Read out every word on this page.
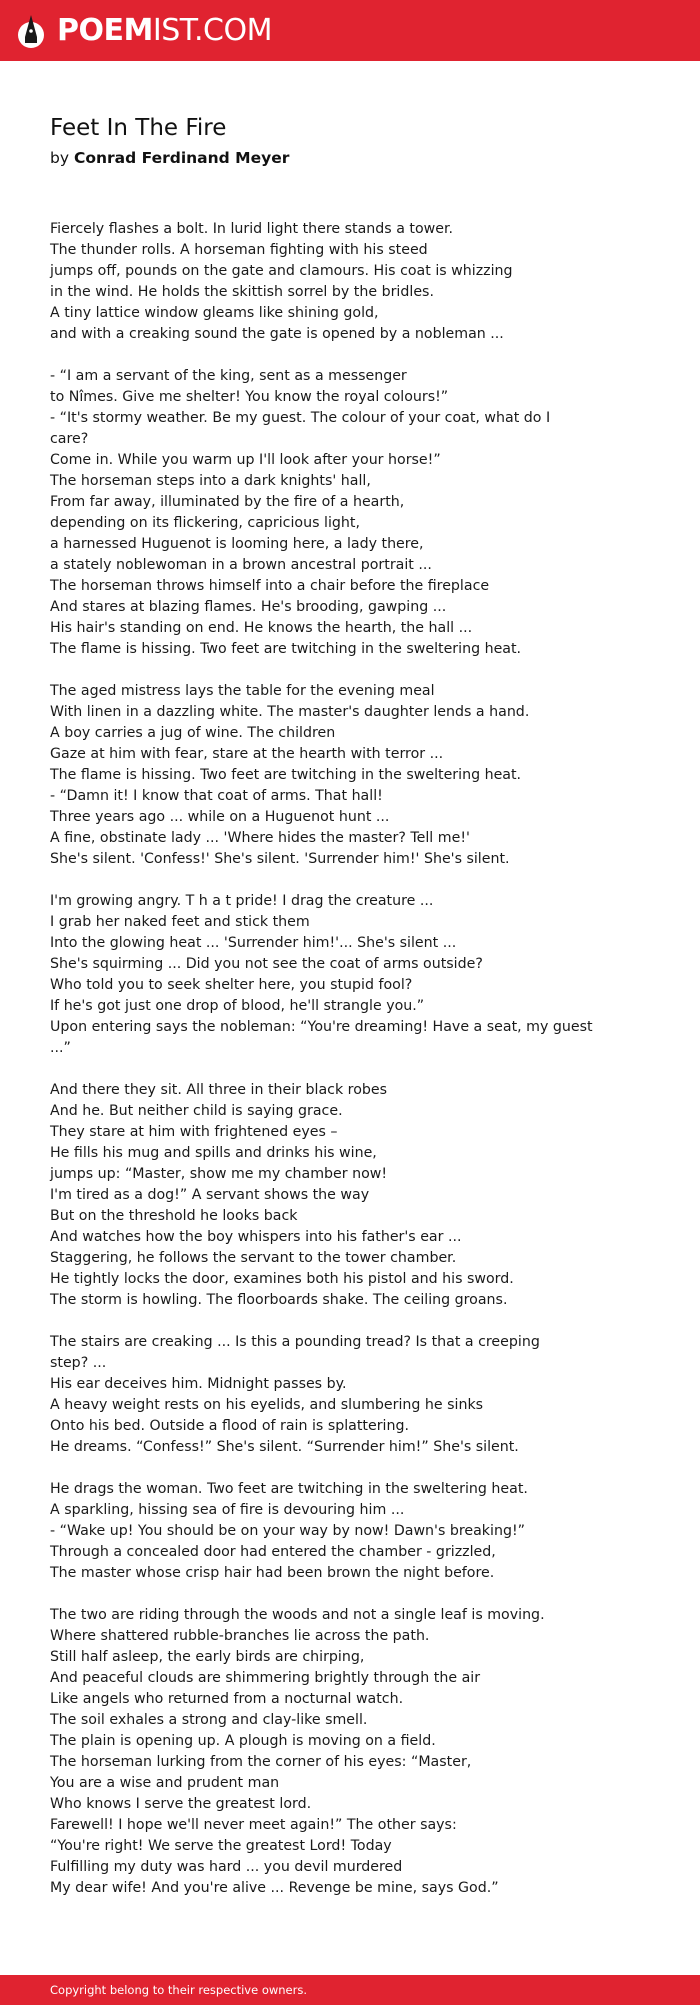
POEMIST.COM
Feet In The Fire
by Conrad Ferdinand Meyer
Fiercely flashes a bolt. In lurid light there stands a tower.
The thunder rolls. A horseman fighting with his steed
jumps off, pounds on the gate and clamours. His coat is whizzing
in the wind. He holds the skittish sorrel by the bridles.
A tiny lattice window gleams like shining gold,
and with a creaking sound the gate is opened by a nobleman ...
- “I am a servant of the king, sent as a messenger
to Nîmes. Give me shelter! You know the royal colours!”
- “It's stormy weather. Be my guest. The colour of your coat, what do I
care?
Come in. While you warm up I'll look after your horse!”
The horseman steps into a dark knights' hall,
From far away, illuminated by the fire of a hearth,
depending on its flickering, capricious light,
a harnessed Huguenot is looming here, a lady there,
a stately noblewoman in a brown ancestral portrait ...
The horseman throws himself into a chair before the fireplace
And stares at blazing flames. He's brooding, gawping ...
His hair's standing on end. He knows the hearth, the hall ...
The flame is hissing. Two feet are twitching in the sweltering heat.
The aged mistress lays the table for the evening meal
With linen in a dazzling white. The master's daughter lends a hand.
A boy carries a jug of wine. The children
Gaze at him with fear, stare at the hearth with terror ...
The flame is hissing. Two feet are twitching in the sweltering heat.
- “Damn it! I know that coat of arms. That hall!
Three years ago ... while on a Huguenot hunt ...
A fine, obstinate lady ... 'Where hides the master? Tell me!'
She's silent. 'Confess!' She's silent. 'Surrender him!' She's silent.
I'm growing angry. T h a t pride! I drag the creature ...
I grab her naked feet and stick them
Into the glowing heat ... 'Surrender him!'... She's silent ...
She's squirming ... Did you not see the coat of arms outside?
Who told you to seek shelter here, you stupid fool?
If he's got just one drop of blood, he'll strangle you.”
Upon entering says the nobleman: “You're dreaming! Have a seat, my guest
...”
And there they sit. All three in their black robes
And he. But neither child is saying grace.
They stare at him with frightened eyes –
He fills his mug and spills and drinks his wine,
jumps up: “Master, show me my chamber now!
I'm tired as a dog!” A servant shows the way
But on the threshold he looks back
And watches how the boy whispers into his father's ear ...
Staggering, he follows the servant to the tower chamber.
He tightly locks the door, examines both his pistol and his sword.
The storm is howling. The floorboards shake. The ceiling groans.
The stairs are creaking ... Is this a pounding tread? Is that a creeping
step? ...
His ear deceives him. Midnight passes by.
A heavy weight rests on his eyelids, and slumbering he sinks
Onto his bed. Outside a flood of rain is splattering.
He dreams. “Confess!” She's silent. “Surrender him!” She's silent.
He drags the woman. Two feet are twitching in the sweltering heat.
A sparkling, hissing sea of fire is devouring him ...
- “Wake up! You should be on your way by now! Dawn's breaking!”
Through a concealed door had entered the chamber - grizzled,
The master whose crisp hair had been brown the night before.
The two are riding through the woods and not a single leaf is moving.
Where shattered rubble-branches lie across the path.
Still half asleep, the early birds are chirping,
And peaceful clouds are shimmering brightly through the air
Like angels who returned from a nocturnal watch.
The soil exhales a strong and clay-like smell.
The plain is opening up. A plough is moving on a field.
The horseman lurking from the corner of his eyes: “Master,
You are a wise and prudent man
Who knows I serve the greatest lord.
Farewell! I hope we'll never meet again!” The other says:
“You're right! We serve the greatest Lord! Today
Fulfilling my duty was hard ... you devil murdered
My dear wife! And you're alive ... Revenge be mine, says God.”
Copyright belong to their respective owners.
